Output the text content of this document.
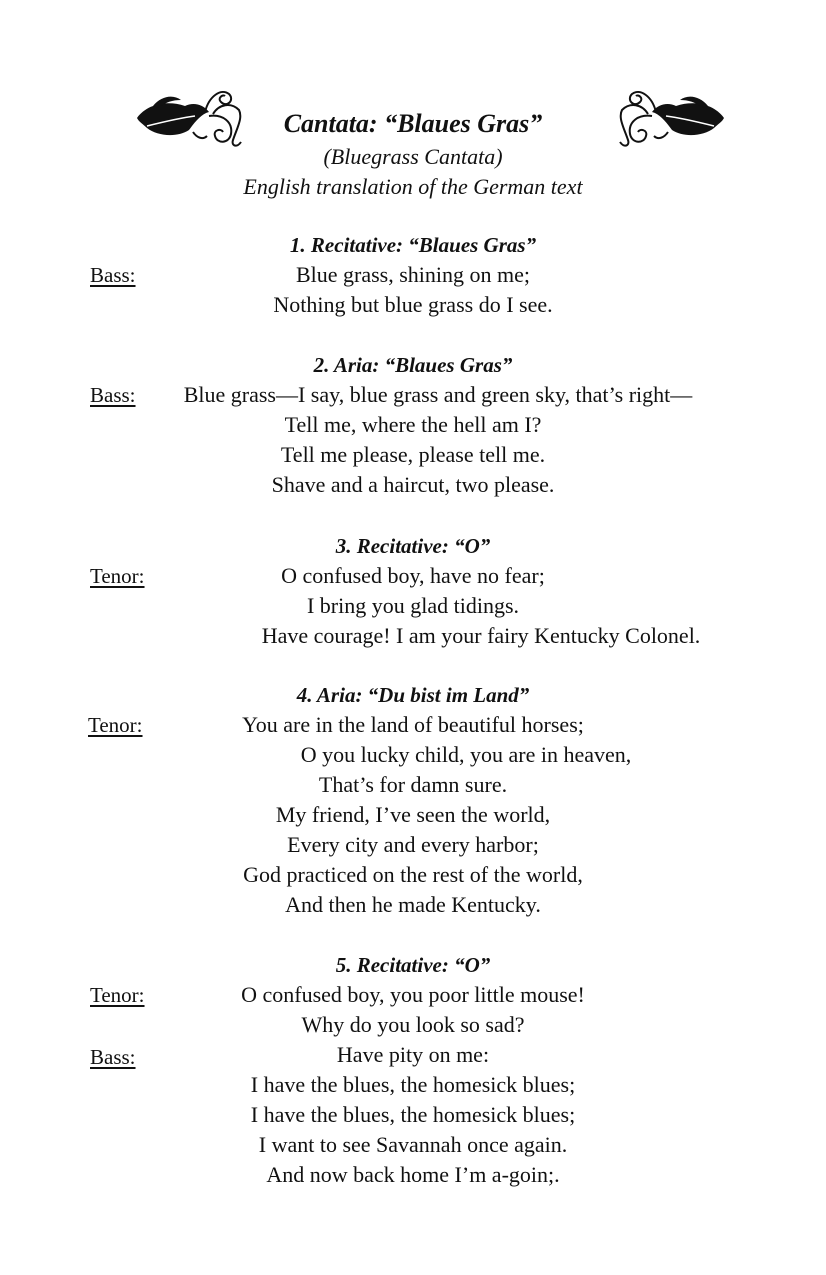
Cantata: “Blaues Gras”
(Bluegrass Cantata)
English translation of the German text
1. Recitative: “Blaues Gras”
Blue grass, shining on me;
Nothing but blue grass do I see.
Bass:
2. Aria: “Blaues Gras”
Blue grass—I say, blue grass and green sky, that’s right—
Tell me, where the hell am I?
Tell me please, please tell me.
Shave and a haircut, two please.
Bass:
3. Recitative: “O”
O confused boy, have no fear;
I bring you glad tidings.
Have courage! I am your fairy Kentucky Colonel.
Tenor:
4. Aria: “Du bist im Land”
You are in the land of beautiful horses;
O you lucky child, you are in heaven,
That’s for damn sure.
My friend, I’ve seen the world,
Every city and every harbor;
God practiced on the rest of the world,
And then he made Kentucky.
Tenor:
5. Recitative: “O”
O confused boy, you poor little mouse!
Why do you look so sad?
Have pity on me:
I have the blues, the homesick blues;
I have the blues, the homesick blues;
I want to see Savannah once again.
And now back home I’m a-goin;.
Tenor:
Bass:
